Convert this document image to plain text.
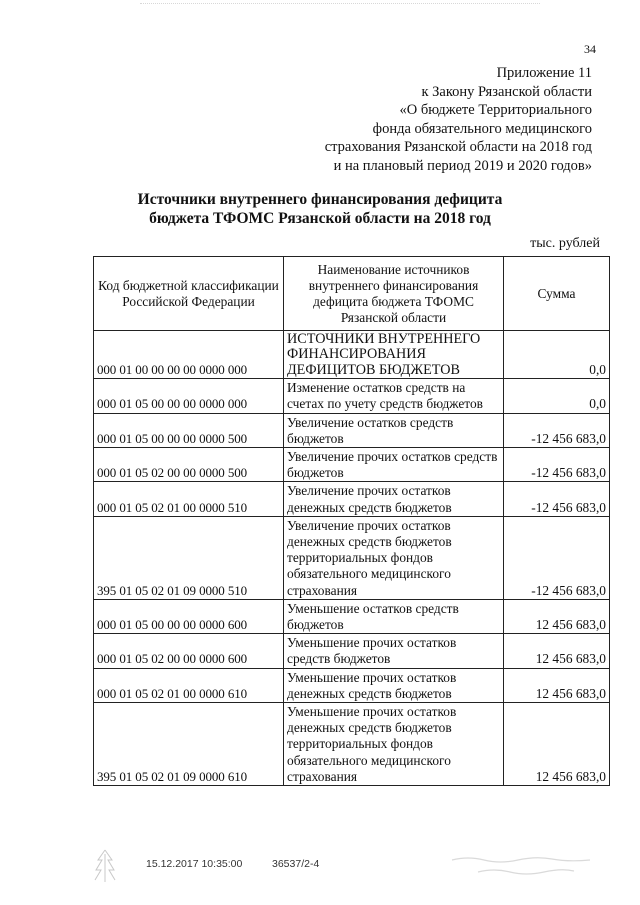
34
Приложение 11
к Закону Рязанской области
«О бюджете Территориального
фонда обязательного медицинского
страхования Рязанской области на 2018 год
и на плановый период 2019 и 2020 годов»
Источники внутреннего финансирования дефицита
бюджета ТФОМС Рязанской области на 2018 год
тыс. рублей
Код бюджетной классификации Российской Федерации	Наименование источников внутреннего финансирования дефицита бюджета ТФОМС Рязанской области	Сумма
000 01 00 00 00 00 0000 000	ИСТОЧНИКИ ВНУТРЕННЕГО ФИНАНСИРОВАНИЯ ДЕФИЦИТОВ БЮДЖЕТОВ	0,0
000 01 05 00 00 00 0000 000	Изменение остатков средств на счетах по учету средств бюджетов	0,0
000 01 05 00 00 00 0000 500	Увеличение остатков средств бюджетов	-12 456 683,0
000 01 05 02 00 00 0000 500	Увеличение прочих остатков средств бюджетов	-12 456 683,0
000 01 05 02 01 00 0000 510	Увеличение прочих остатков денежных средств бюджетов	-12 456 683,0
395 01 05 02 01 09 0000 510	Увеличение прочих остатков денежных средств бюджетов территориальных фондов обязательного медицинского страхования	-12 456 683,0
000 01 05 00 00 00 0000 600	Уменьшение остатков средств бюджетов	12 456 683,0
000 01 05 02 00 00 0000 600	Уменьшение прочих остатков средств бюджетов	12 456 683,0
000 01 05 02 01 00 0000 610	Уменьшение прочих остатков денежных средств бюджетов	12 456 683,0
395 01 05 02 01 09 0000 610	Уменьшение прочих остатков денежных средств бюджетов территориальных фондов обязательного медицинского страхования	12 456 683,0
15.12.2017 10:35:00	36537/2-4
